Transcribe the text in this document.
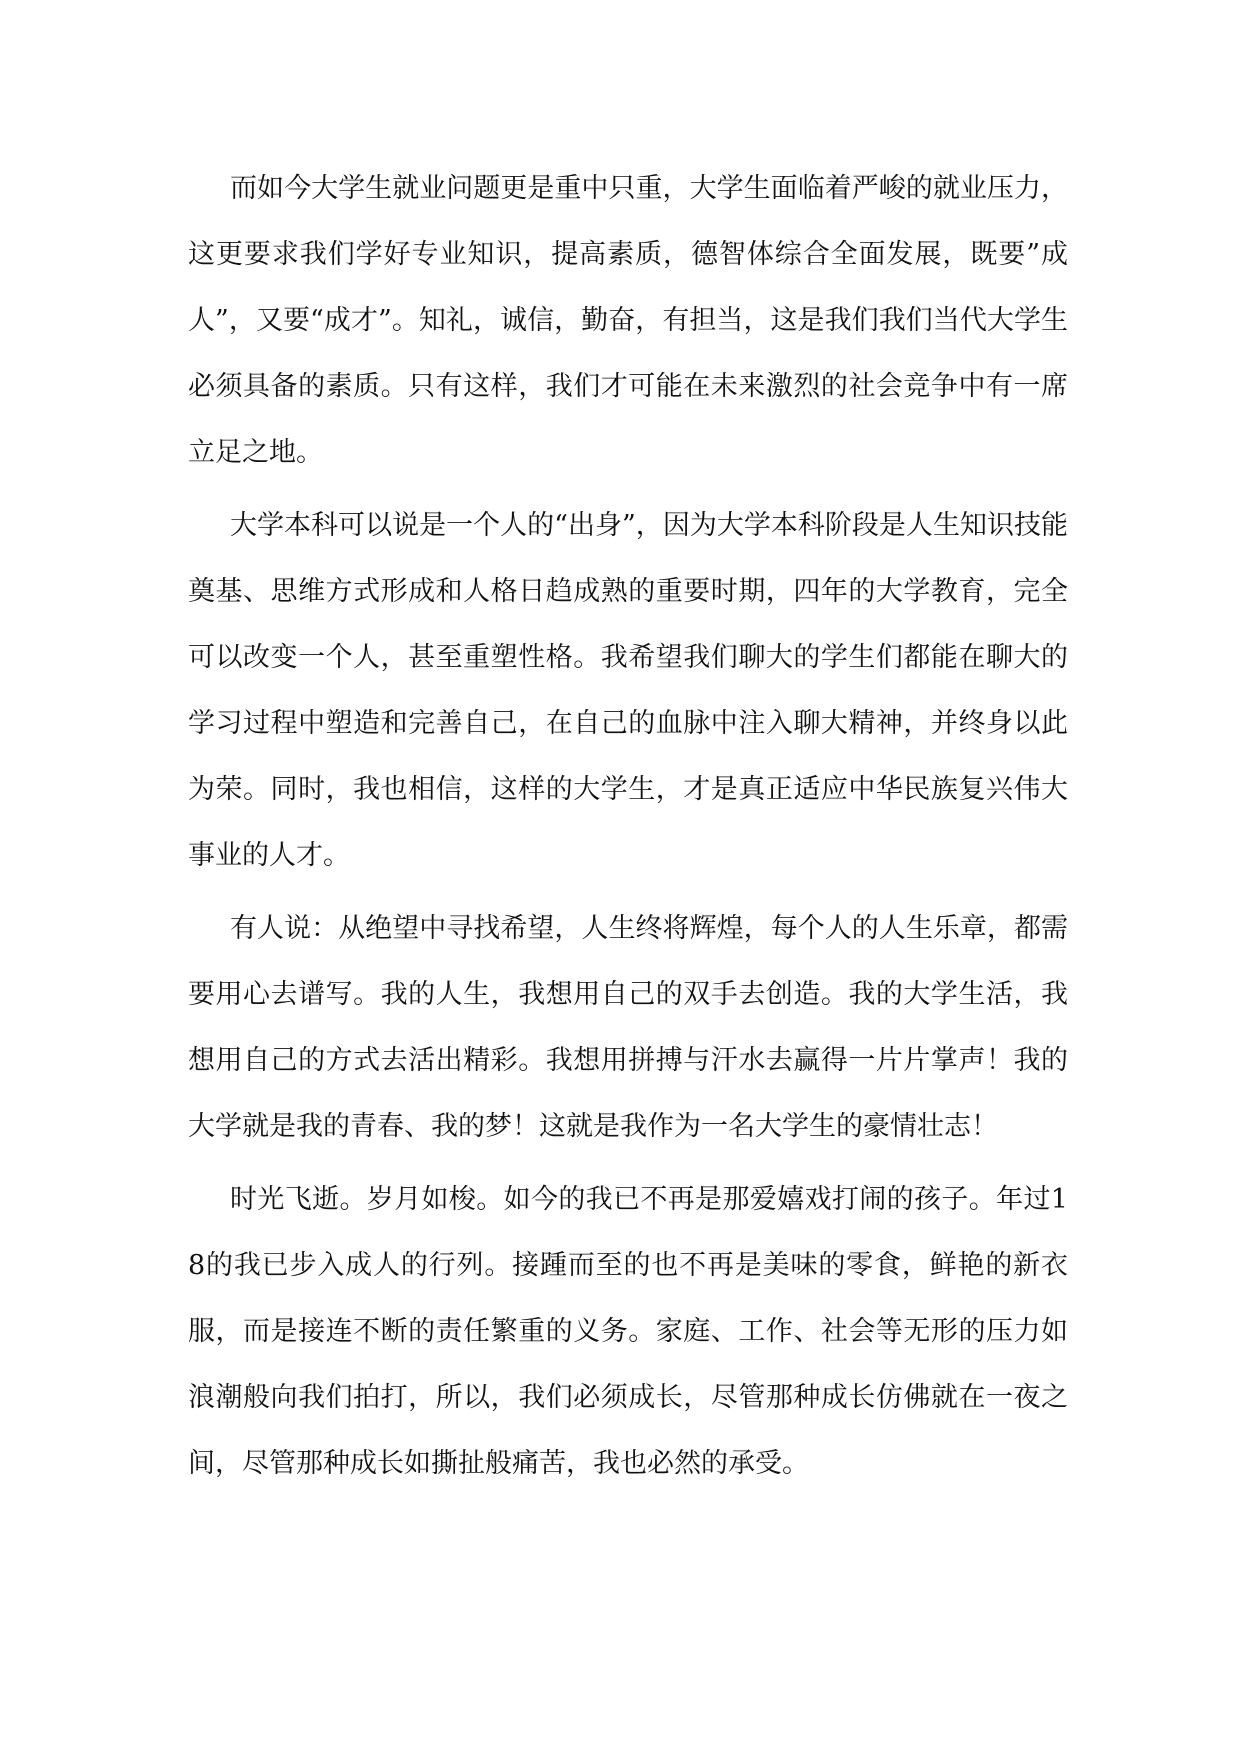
而如今大学生就业问题更是重中只重，大学生面临着严峻的就业压力，这更要求我们学好专业知识，提高素质，德智体综合全面发展，既要”成人”，又要“成才”。知礼，诚信，勤奋，有担当，这是我们我们当代大学生必须具备的素质。只有这样，我们才可能在未来激烈的社会竞争中有一席立足之地。

大学本科可以说是一个人的“出身”，因为大学本科阶段是人生知识技能奠基、思维方式形成和人格日趋成熟的重要时期，四年的大学教育，完全可以改变一个人，甚至重塑性格。我希望我们聊大的学生们都能在聊大的学习过程中塑造和完善自己，在自己的血脉中注入聊大精神，并终身以此为荣。同时，我也相信，这样的大学生，才是真正适应中华民族复兴伟大事业的人才。

有人说：从绝望中寻找希望，人生终将辉煌，每个人的人生乐章，都需要用心去谱写。我的人生，我想用自己的双手去创造。我的大学生活，我想用自己的方式去活出精彩。我想用拼搏与汗水去赢得一片片掌声！我的大学就是我的青春、我的梦！这就是我作为一名大学生的豪情壮志！

时光飞逝。岁月如梭。如今的我已不再是那爱嬉戏打闹的孩子。年过18的我已步入成人的行列。接踵而至的也不再是美味的零食，鲜艳的新衣服，而是接连不断的责任繁重的义务。家庭、工作、社会等无形的压力如浪潮般向我们拍打，所以，我们必须成长，尽管那种成长仿佛就在一夜之间，尽管那种成长如撕扯般痛苦，我也必然的承受。
